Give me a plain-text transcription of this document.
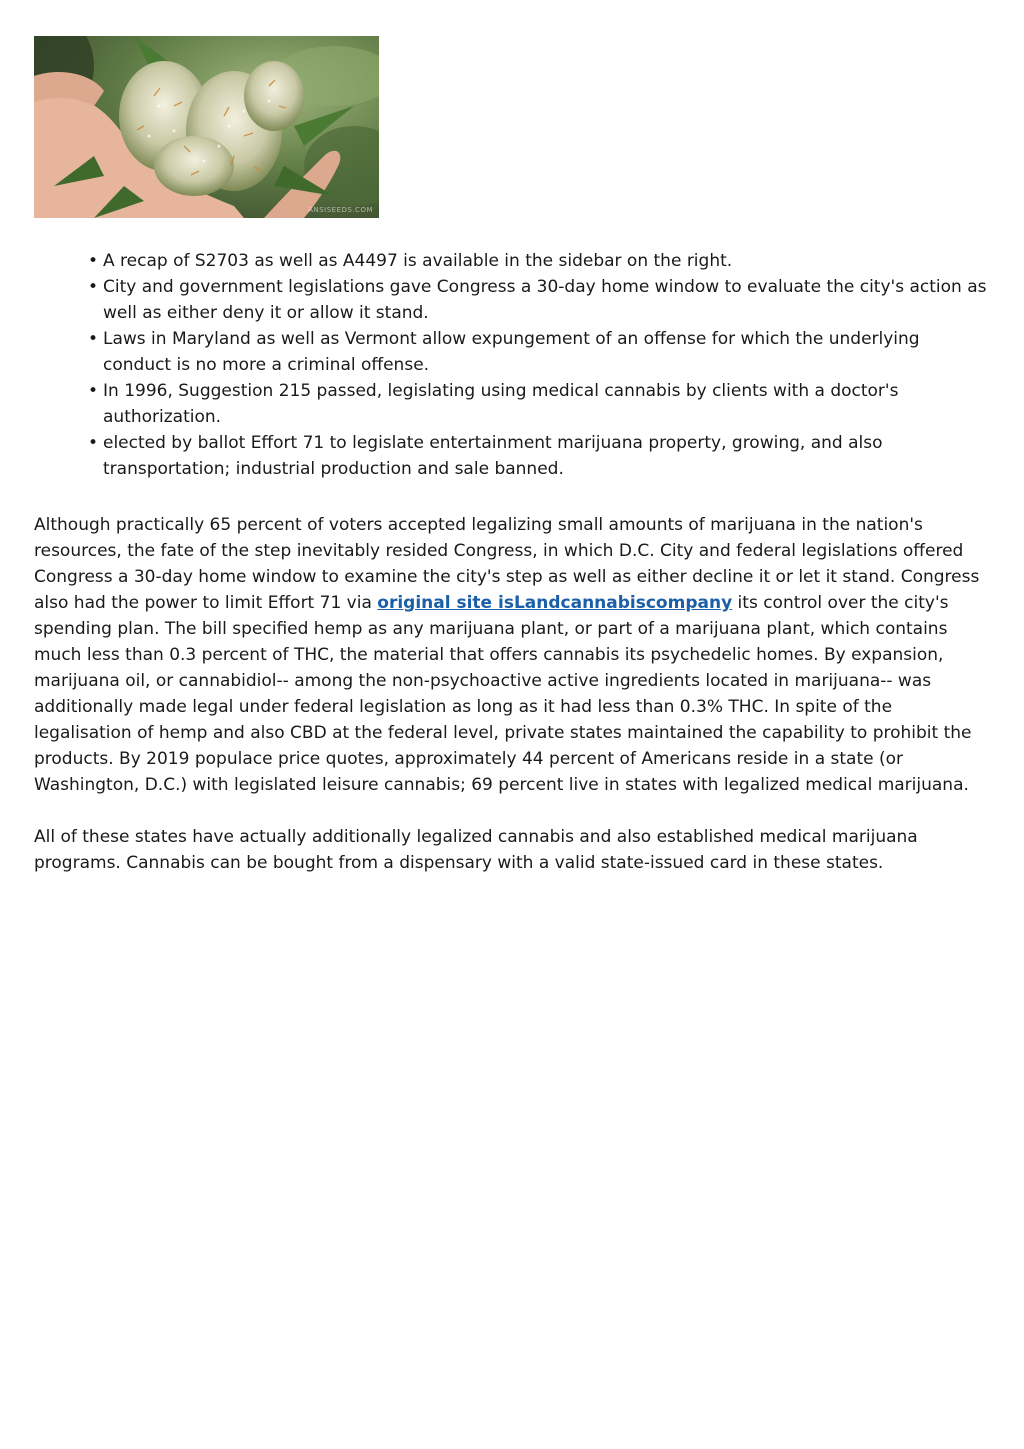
ANSISEEDS.COM
• A recap of S2703 as well as A4497 is available in the sidebar on the right.
• City and government legislations gave Congress a 30-day home window to evaluate the city's action as well as either deny it or allow it stand.
• Laws in Maryland as well as Vermont allow expungement of an offense for which the underlying conduct is no more a criminal offense.
• In 1996, Suggestion 215 passed, legislating using medical cannabis by clients with a doctor's authorization.
• elected by ballot Effort 71 to legislate entertainment marijuana property, growing, and also transportation; industrial production and sale banned.

Although practically 65 percent of voters accepted legalizing small amounts of marijuana in the nation's resources, the fate of the step inevitably resided Congress, in which D.C. City and federal legislations offered Congress a 30-day home window to examine the city's step as well as either decline it or let it stand. Congress also had the power to limit Effort 71 via original site isLandcannabiscompany its control over the city's spending plan. The bill specified hemp as any marijuana plant, or part of a marijuana plant, which contains much less than 0.3 percent of THC, the material that offers cannabis its psychedelic homes. By expansion, marijuana oil, or cannabidiol-- among the non-psychoactive active ingredients located in marijuana-- was additionally made legal under federal legislation as long as it had less than 0.3% THC. In spite of the legalisation of hemp and also CBD at the federal level, private states maintained the capability to prohibit the products. By 2019 populace price quotes, approximately 44 percent of Americans reside in a state (or Washington, D.C.) with legislated leisure cannabis; 69 percent live in states with legalized medical marijuana.

All of these states have actually additionally legalized cannabis and also established medical marijuana programs. Cannabis can be bought from a dispensary with a valid state-issued card in these states.
